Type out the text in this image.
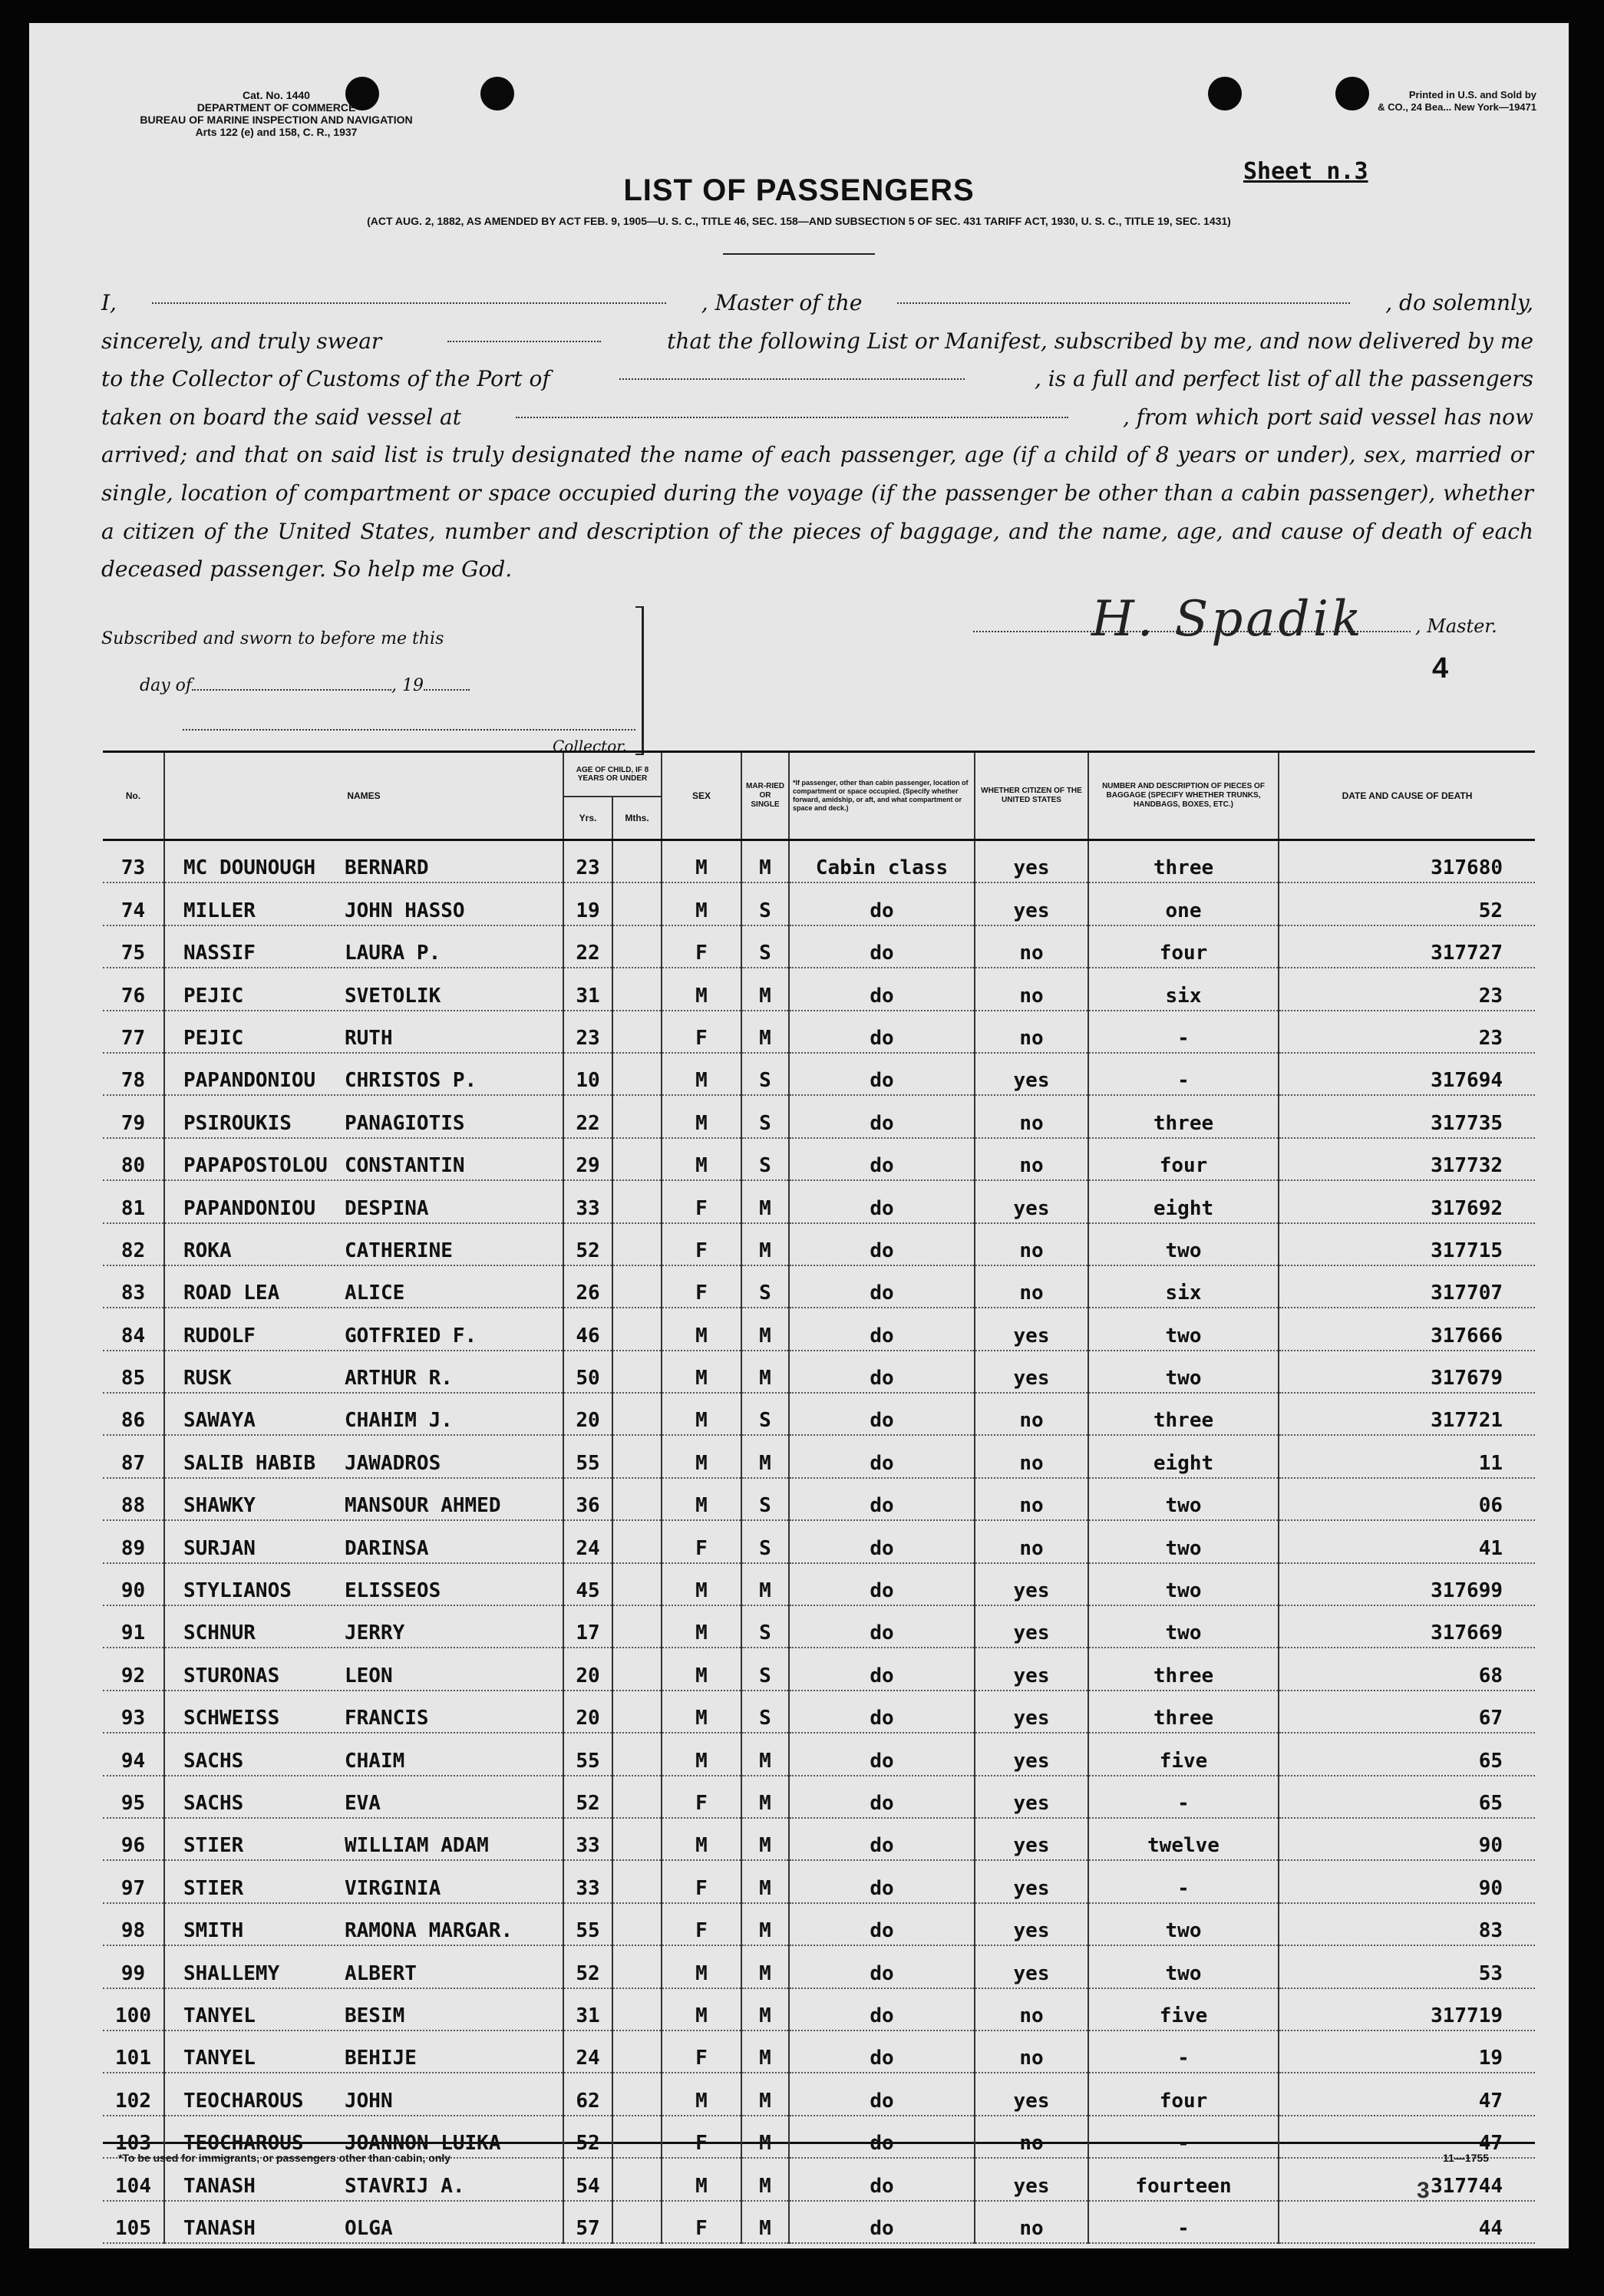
Cat. No. 1440
DEPARTMENT OF COMMERCE
BUREAU OF MARINE INSPECTION AND NAVIGATION
Arts 122 (e) and 158, C. R., 1937
Printed in U.S. and Sold by
& CO., 24 Bea... New York—19471
LIST OF PASSENGERS
Sheet n.3
(ACT AUG. 2, 1882, AS AMENDED BY ACT FEB. 9, 1905—U. S. C., TITLE 46, SEC. 158—AND SUBSECTION 5 OF SEC. 431 TARIFF ACT, 1930, U. S. C., TITLE 19, SEC. 1431)
I,	, Master of the	, do solemnly,
sincerely, and truly swear	that the following List or Manifest, subscribed by me, and now delivered by me
to the Collector of Customs of the Port of	, is a full and perfect list of all the passengers
taken on board the said vessel at	, from which port said vessel has now

arrived; and that on said list is truly designated the name of each passenger, age (if a child of 8 years or under), sex, married or single, location of compartment or space occupied during the voyage (if the passenger be other than a cabin passenger), whether a citizen of the United States, number and description of the pieces of baggage, and the name, age, and cause of death of each deceased passenger. So help me God.

Subscribed and sworn to before me this
day of	, 19
Collector.
H. Spadik	, Master.
4
No.	NAMES	AGE OF CHILD, IF 8 YEARS OR UNDER
Yrs. Mths.		SEX	MAR-RIED OR SINGLE	*If passenger, other than cabin passenger, location of compartment or space occupied. (Specify whether forward, amidship, or aft, and what compartment or space and deck.)	WHETHER CITIZEN OF THE UNITED STATES	NUMBER AND DESCRIPTION OF PIECES OF BAGGAGE (SPECIFY WHETHER TRUNKS, HANDBAGS, BOXES, ETC.)	DATE AND CAUSE OF DEATH
73	MC DOUNOUGH BERNARD	23		M	M	Cabin class	yes	three	317680
74	MILLER JOHN HASSO	19		M	S	do	yes	one	52
75	NASSIF LAURA P.	22		F	S	do	no	four	317727
76	PEJIC SVETOLIK	31		M	M	do	no	six	23
77	PEJIC RUTH	23		F	M	do	no	-	23
78	PAPANDONIOU CHRISTOS P.	10		M	S	do	yes	-	317694
79	PSIROUKIS PANAGIOTIS	22		M	S	do	no	three	317735
80	PAPAPOSTOLOU CONSTANTIN	29		M	S	do	no	four	317732
81	PAPANDONIOU DESPINA	33		F	M	do	yes	eight	317692
82	ROKA CATHERINE	52		F	M	do	no	two	317715
83	ROAD LEA ALICE	26		F	S	do	no	six	317707
84	RUDOLF GOTFRIED F.	46		M	M	do	yes	two	317666
85	RUSK ARTHUR R.	50		M	M	do	yes	two	317679
86	SAWAYA CHAHIM J.	20		M	S	do	no	three	317721
87	SALIB HABIB JAWADROS	55		M	M	do	no	eight	11
88	SHAWKY MANSOUR AHMED	36		M	S	do	no	two	06
89	SURJAN DARINSA	24		F	S	do	no	two	41
90	STYLIANOS ELISSEOS	45		M	M	do	yes	two	317699
91	SCHNUR JERRY	17		M	S	do	yes	two	317669
92	STURONAS LEON	20		M	S	do	yes	three	68
93	SCHWEISS FRANCIS	20		M	S	do	yes	three	67
94	SACHS CHAIM	55		M	M	do	yes	five	65
95	SACHS EVA	52		F	M	do	yes	-	65
96	STIER WILLIAM ADAM	33		M	M	do	yes	twelve	90
97	STIER VIRGINIA	33		F	M	do	yes	-	90
98	SMITH RAMONA MARGAR.	55		F	M	do	yes	two	83
99	SHALLEMY ALBERT	52		M	M	do	yes	two	53
100	TANYEL BESIM	31		M	M	do	no	five	317719
101	TANYEL BEHIJE	24		F	M	do	no	-	19
102	TEOCHAROUS JOHN	62		M	M	do	yes	four	47
103	TEOCHAROUS JOANNON LUIKA	52		F	M	do	no	-	47
104	TANASH STAVRIJ A.	54		M	M	do	yes	fourteen	317744
105	TANASH OLGA	57		F	M	do	no	-	44
*To be used for immigrants, or passengers other than cabin, only	11—1755
3
